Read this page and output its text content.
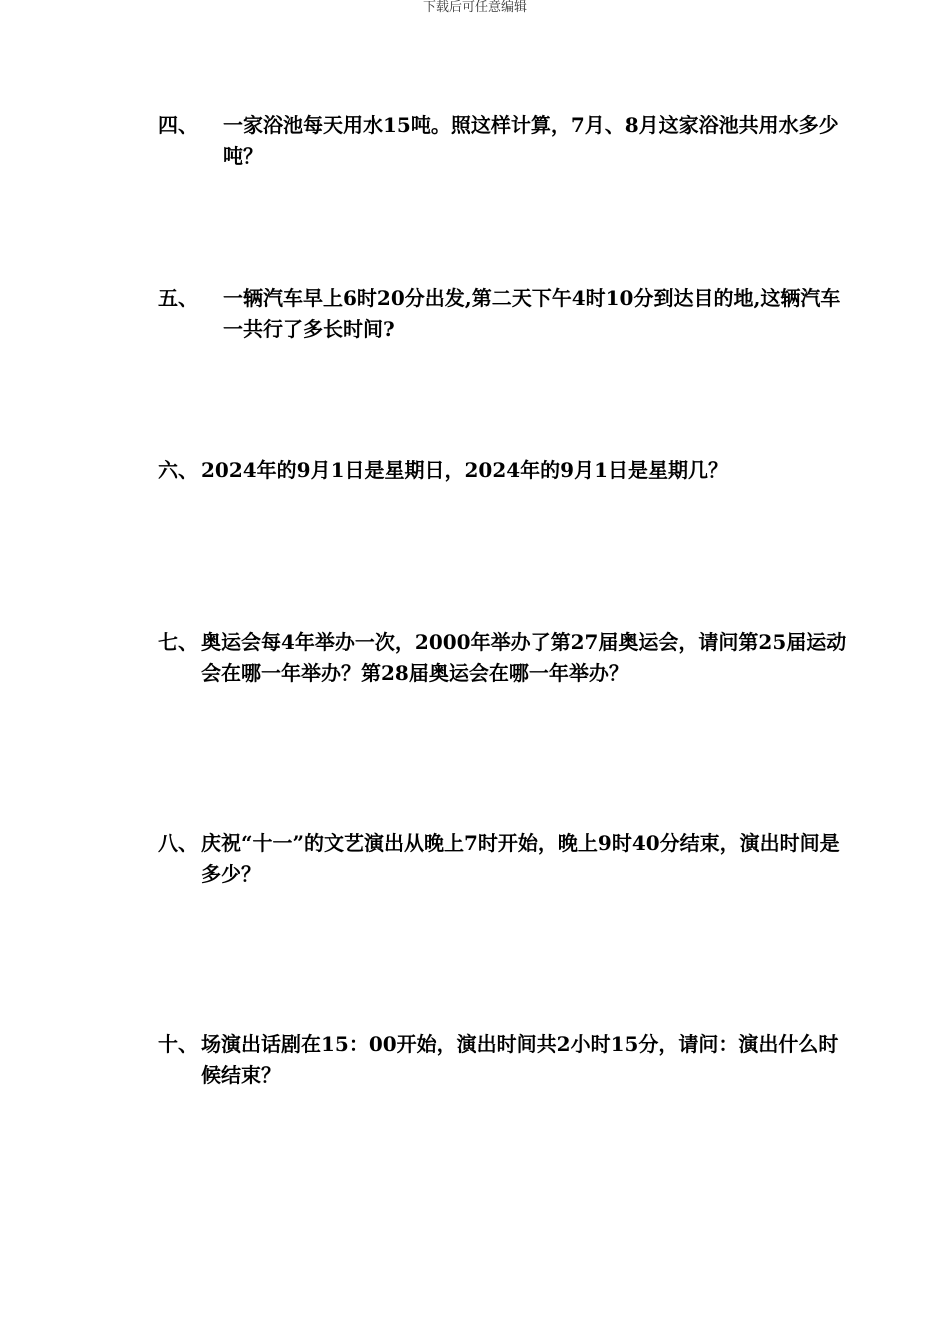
下载后可任意编辑
四、 一家浴池每天用水15吨。照这样计算，7月、8月这家浴池共用水多少吨？
五、 一辆汽车早上6时20分出发,第二天下午4时10分到达目的地,这辆汽车一共行了多长时间?
六、 2024年的9月1日是星期日，2024年的9月1日是星期几？
七、 奥运会每4年举办一次，2000年举办了第27届奥运会，请问第25届运动会在哪一年举办？第28届奥运会在哪一年举办？
八、 庆祝“十一”的文艺演出从晚上7时开始，晚上9时40分结束，演出时间是多少？
十、 场演出话剧在15：00开始，演出时间共2小时15分，请问：演出什么时候结束？
